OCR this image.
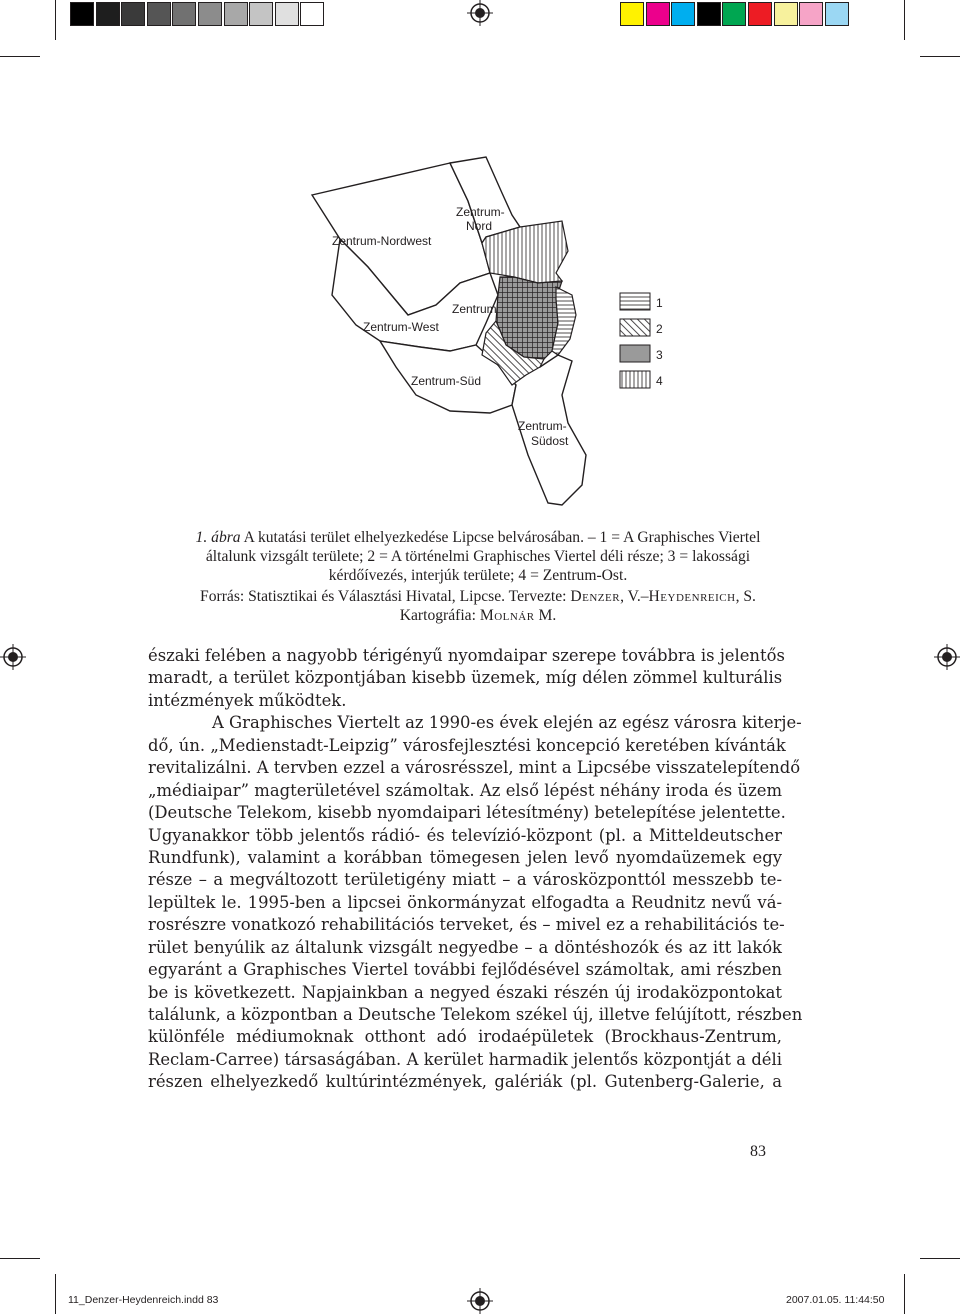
Zentrum-Nordwest
Zentrum-
Nord
Zentrum
Zentrum-West
Zentrum-Süd
Zentrum-
Südost
1
2
3
4
1. ábra A kutatási terület elhelyezkedése Lipcse belvárosában. – 1 = A Graphisches Viertel
általunk vizsgált területe; 2 = A történelmi Graphisches Viertel déli része; 3 = lakossági
kérdőívezés, interjúk területe; 4 = Zentrum-Ost.
Forrás: Statisztikai és Választási Hivatal, Lipcse. Tervezte: Denzer, V.–Heydenreich, S.
Kartográfia: Molnár M.
északi felében a nagyobb térigényű nyomdaipar szerepe továbbra is jelentős
maradt, a terület központjában kisebb üzemek, míg délen zömmel kulturális
intézmények működtek.
A Graphisches Viertelt az 1990-es évek elején az egész városra kiterje-
dő, ún. „Medienstadt-Leipzig” városfejlesztési koncepció keretében kívánták
revitalizálni. A tervben ezzel a városrésszel, mint a Lipcsébe visszatelepítendő
„médiaipar” magterületével számoltak. Az első lépést néhány iroda és üzem
(Deutsche Telekom, kisebb nyomdaipari létesítmény) betelepítése jelentette.
Ugyanakkor több jelentős rádió- és televízió-központ (pl. a Mitteldeutscher
Rundfunk), valamint a korábban tömegesen jelen levő nyomdaüzemek egy
része – a megváltozott területigény miatt – a városközponttól messzebb te-
lepültek le. 1995-ben a lipcsei önkormányzat elfogadta a Reudnitz nevű vá-
rosrészre vonatkozó rehabilitációs terveket, és – mivel ez a rehabilitációs te-
rület benyúlik az általunk vizsgált negyedbe – a döntéshozók és az itt lakók
egyaránt a Graphisches Viertel további fejlődésével számoltak, ami részben
be is következett. Napjainkban a negyed északi részén új irodaközpontokat
találunk, a központban a Deutsche Telekom székel új, illetve felújított, részben
különféle médiumoknak otthont adó irodaépületek (Brockhaus-Zentrum,
Reclam-Carree) társaságában. A kerület harmadik jelentős központját a déli
részen elhelyezkedő kultúrintézmények, galériák (pl. Gutenberg-Galerie, a
83
11_Denzer-Heydenreich.indd 83	2007.01.05. 11:44:50
